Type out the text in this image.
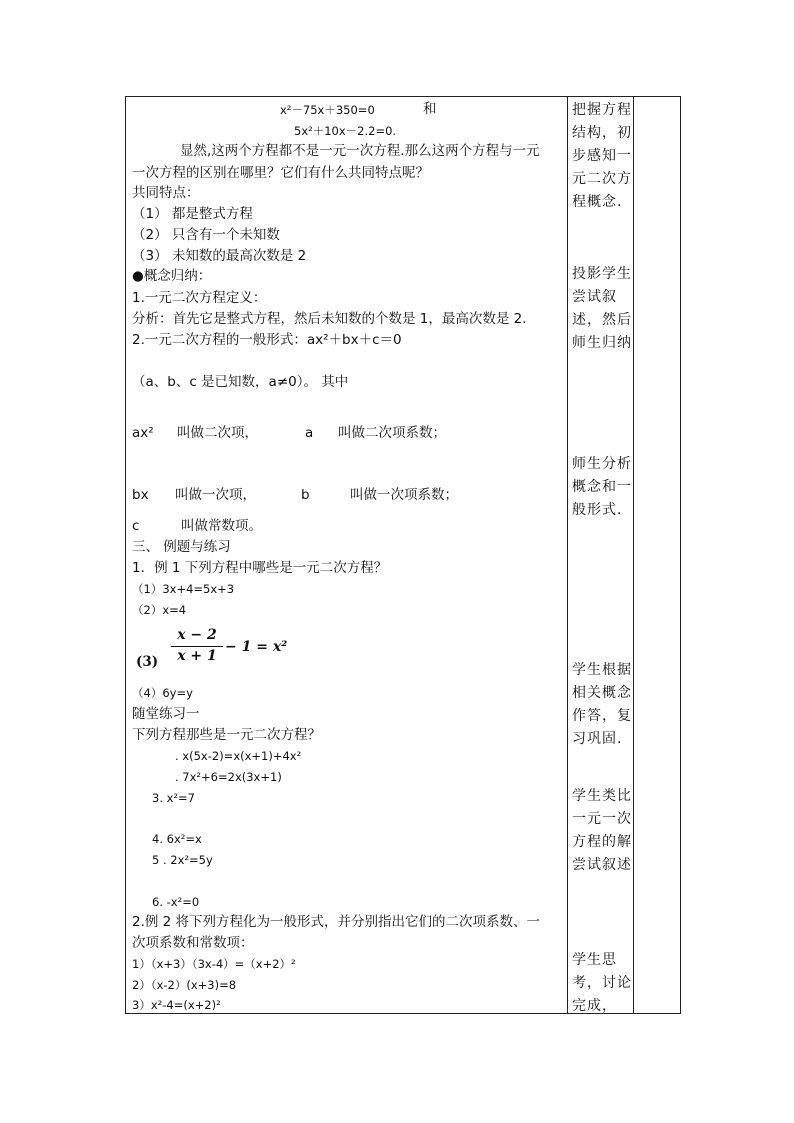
x²－75x＋350=0	和
5x²＋10x－2.2=0.
显然,这两个方程都不是一元一次方程.那么这两个方程与一元
一次方程的区别在哪里？它们有什么共同特点呢？
共同特点：
（1） 都是整式方程
（2） 只含有一个未知数
（3） 未知数的最高次数是 2
●概念归纳：
1.一元二次方程定义：
分析：首先它是整式方程，然后未知数的个数是 1，最高次数是 2.
2.一元二次方程的一般形式：ax²＋bx＋c＝0
（a、b、c 是已知数，a≠0）。 其中
ax² 叫做二次项，	a 叫做二次项系数；
bx 叫做一次项，	b	叫做一次项系数；
c	叫做常数项。
三、 例题与练习
1．例 1 下列方程中哪些是一元二次方程？
（1）3x+4=5x+3
（2）x=4
(3)
x − 2
x + 1
− 1 = x²
（4）6y=y
随堂练习一
下列方程那些是一元二次方程？
. x(5x-2)=x(x+1)+4x²
. 7x²+6=2x(3x+1)
3. x²=7
4. 6x²=x
5 . 2x²=5y
6. -x²=0
2.例 2 将下列方程化为一般形式，并分别指出它们的二次项系数、一
次项系数和常数项：
1）（x+3）（3x-4）=（x+2）²
2）（x-2）(x+3)=8
3）x²-4=(x+2)²
把握方程结构，初步感知一元二次方程概念.
投影学生尝试叙述，然后师生归纳
师生分析概念和一般形式.
学生根据相关概念作答，复习巩固.
学生类比一元一次方程的解尝试叙述
学生思考，讨论完成，
